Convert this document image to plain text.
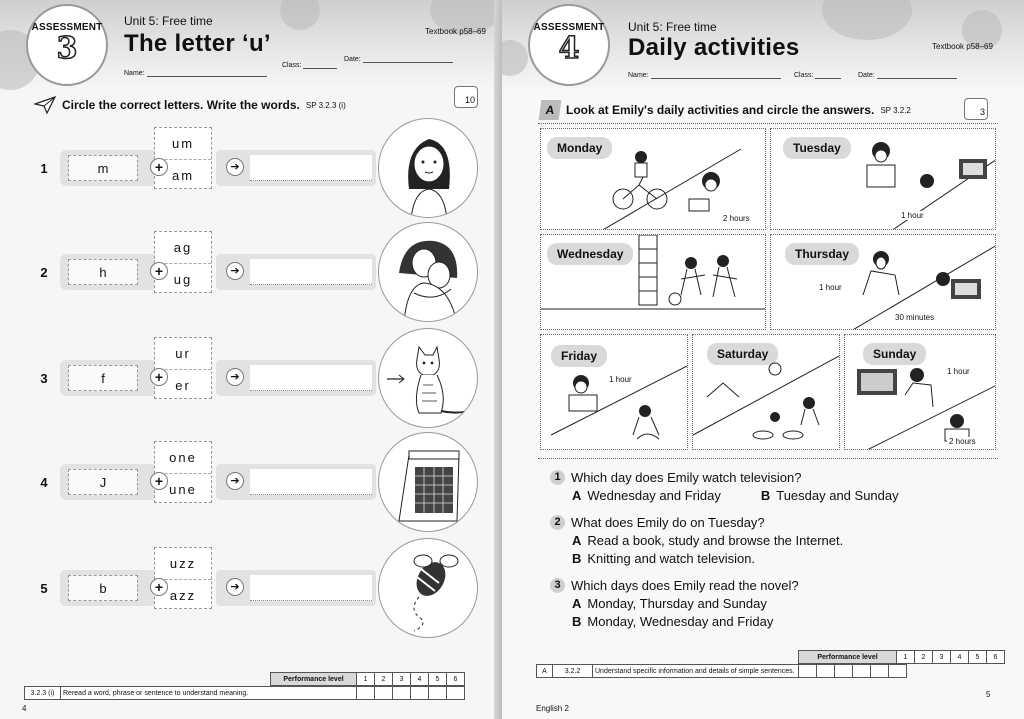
ASSESSMENT
3
Unit 5: Free time
The letter ‘u’	Textbook p58–69
Name:
Class:
Date:
Circle the correct letters. Write the words. SP 3.2.3 (i)	10
1	m
um
am
+	➔
2	h
ag
ug
+	➔
3	f
ur
er
+	➔
4	J
one
une
+	➔
5	b
uzz
azz
+	➔
Performance level	1	2	3	4	5	6
3.2.3 (i)	Reread a word, phrase or sentence to understand meaning.						
4
ASSESSMENT
4
Unit 5: Free time
Daily activities	Textbook p58–69
Name:	Class:	Date:
A Look at Emily's daily activities and circle the answers. SP 3.2.2	3
Monday
2 hours
Tuesday
1 hour
Wednesday	Thursday
1 hour
30 minutes
Friday
1 hour
Saturday	Sunday
1 hour
2 hours
1 Which day does Emily watch television?
A Wednesday and Friday	B Tuesday and Sunday
2 What does Emily do on Tuesday?
A Read a book, study and browse the Internet.
B Knitting and watch television.
3 Which days does Emily read the novel?
A Monday, Thursday and Sunday
B Monday, Wednesday and Friday
Performance level	1	2	3	4	5	6
A	3.2.2	Understand specific information and details of simple sentences.						
English 2
5
